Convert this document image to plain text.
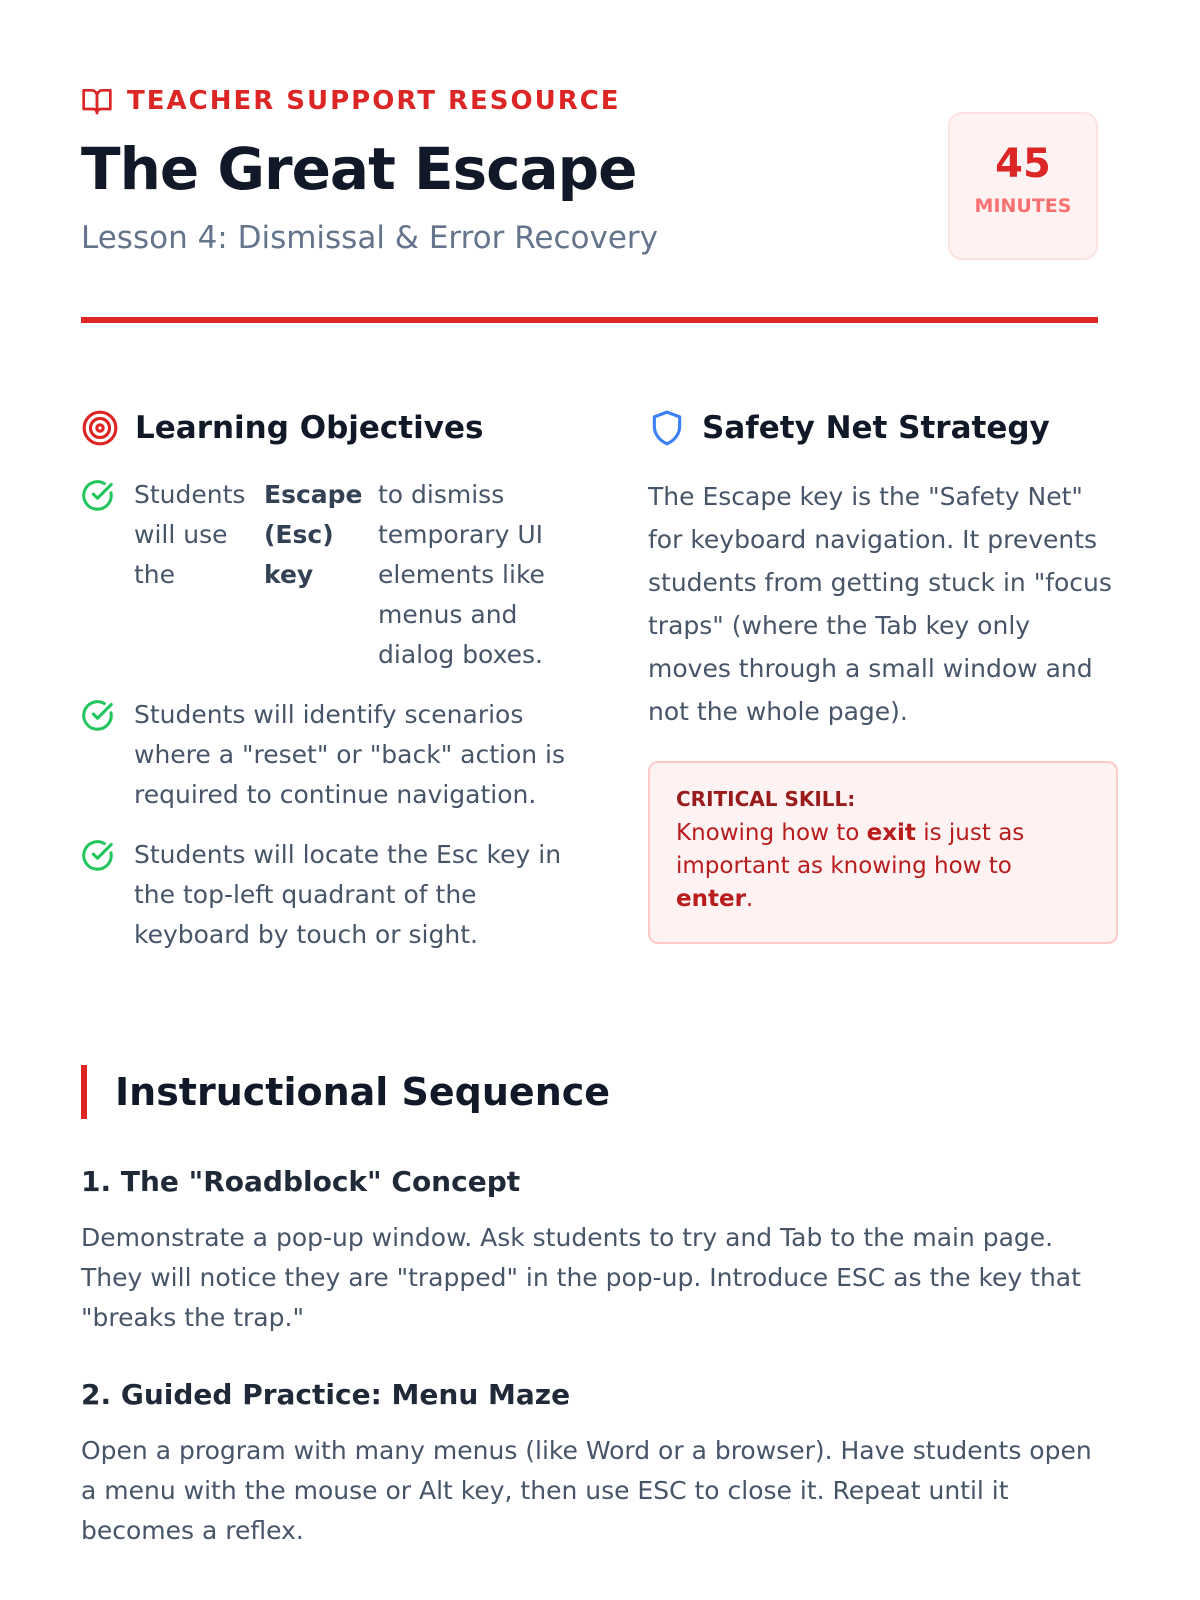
TEACHER SUPPORT RESOURCE
The Great Escape
Lesson 4: Dismissal & Error Recovery
45
MINUTES
Learning Objectives
Students will use the
Escape (Esc) key
to dismiss temporary UI elements like menus and dialog boxes.
Students will identify scenarios where a "reset" or "back" action is required to continue navigation.
Students will locate the Esc key in the top-left quadrant of the keyboard by touch or sight.
Safety Net Strategy

The Escape key is the "Safety Net" for keyboard navigation. It prevents students from getting stuck in "focus traps" (where the Tab key only moves through a small window and not the whole page).

CRITICAL SKILL:
Knowing how to exit is just as important as knowing how to enter.
Instructional Sequence
1. The "Roadblock" Concept

Demonstrate a pop-up window. Ask students to try and Tab to the main page. They will notice they are "trapped" in the pop-up. Introduce ESC as the key that "breaks the trap."

2. Guided Practice: Menu Maze

Open a program with many menus (like Word or a browser). Have students open a menu with the mouse or Alt key, then use ESC to close it. Repeat until it becomes a reflex.
